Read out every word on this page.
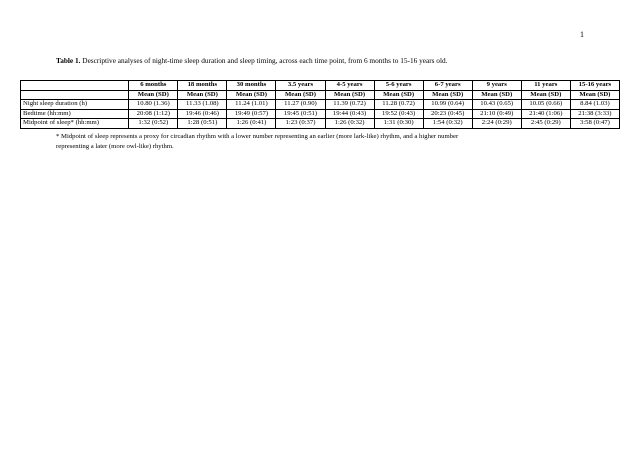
1
Table 1. Descriptive analyses of night-time sleep duration and sleep timing, across each time point, from 6 months to 15-16 years old.
	6 months	18 months	30 months	3.5 years	4-5 years	5-6 years	6-7 years	9 years	11 years	15-16 years
	Mean (SD)	Mean (SD)	Mean (SD)	Mean (SD)	Mean (SD)	Mean (SD)	Mean (SD)	Mean (SD)	Mean (SD)	Mean (SD)
Night sleep duration (h)	10.80 (1.36)	11.33 (1.08)	11.24 (1.01)	11.27 (0.90)	11.39 (0.72)	11.28 (0.72)	10.99 (0.64)	10.43 (0.65)	10.05 (0.66)	8.84 (1.03)
Bedtime (hh:mm)	20:08 (1:12)	19:46 (0:46)	19:49 (0:57)	19:45 (0:51)	19:44 (0:43)	19:52 (0:43)	20:23 (0:45)	21:10 (0:49)	21:40 (1:06)	21:38 (3:33)
Midpoint of sleep* (hh:mm)	1:32 (0:52)	1:28 (0:51)	1:26 (0:41)	1:23 (0:37)	1:26 (0:32)	1:31 (0:30)	1:54 (0:32)	2:24 (0:29)	2:45 (0:29)	3:58 (0:47)
* Midpoint of sleep represents a proxy for circadian rhythm with a lower number representing an earlier (more lark-like) rhythm, and a higher number
representing a later (more owl-like) rhythm.
